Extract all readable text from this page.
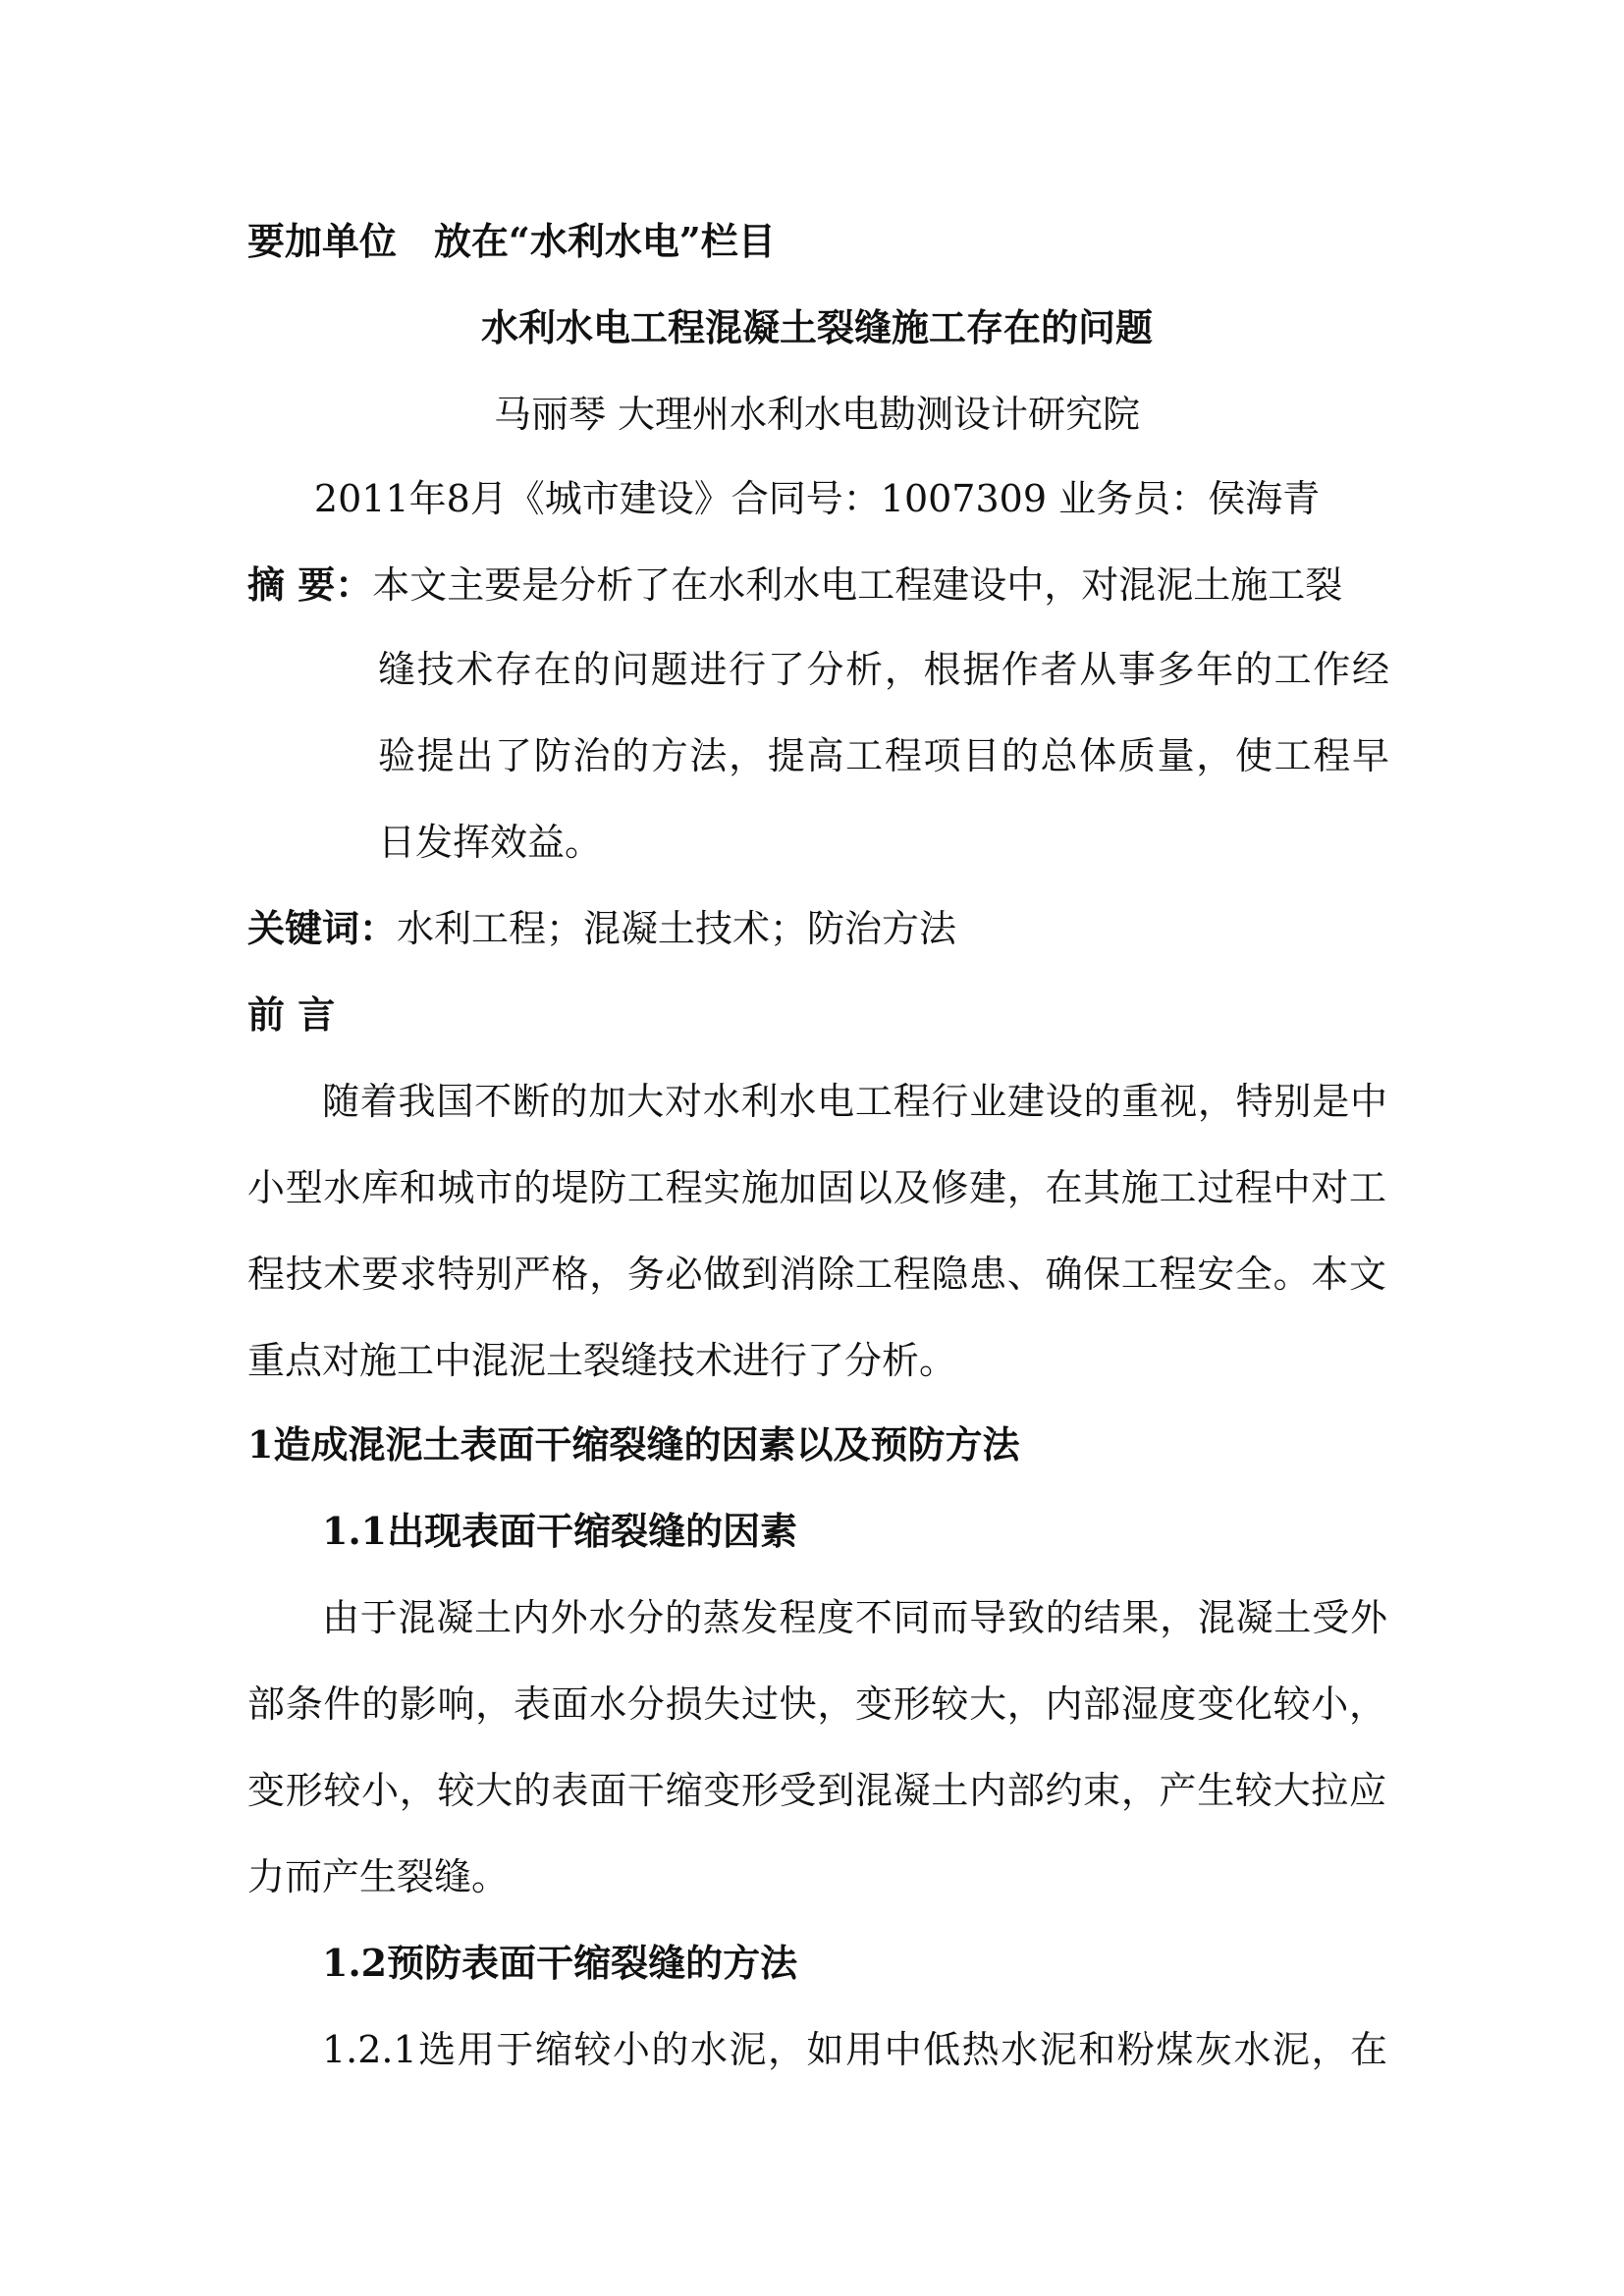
要加单位　放在“水利水电”栏目
水利水电工程混凝土裂缝施工存在的问题
马丽琴 大理州水利水电勘测设计研究院
2011年8月《城市建设》合同号：1007309 业务员：侯海青
摘 要：本文主要是分析了在水利水电工程建设中，对混泥土施工裂
缝技术存在的问题进行了分析，根据作者从事多年的工作经
验提出了防治的方法，提高工程项目的总体质量，使工程早
日发挥效益。
关键词：水利工程；混凝土技术；防治方法
前 言
随着我国不断的加大对水利水电工程行业建设的重视，特别是中
小型水库和城市的堤防工程实施加固以及修建，在其施工过程中对工
程技术要求特别严格，务必做到消除工程隐患、确保工程安全。本文
重点对施工中混泥土裂缝技术进行了分析。
1造成混泥土表面干缩裂缝的因素以及预防方法
1.1出现表面干缩裂缝的因素
由于混凝土内外水分的蒸发程度不同而导致的结果，混凝土受外
部条件的影响，表面水分损失过快，变形较大，内部湿度变化较小，
变形较小，较大的表面干缩变形受到混凝土内部约束，产生较大拉应
力而产生裂缝。
1.2预防表面干缩裂缝的方法
1.2.1选用于缩较小的水泥，如用中低热水泥和粉煤灰水泥，在
